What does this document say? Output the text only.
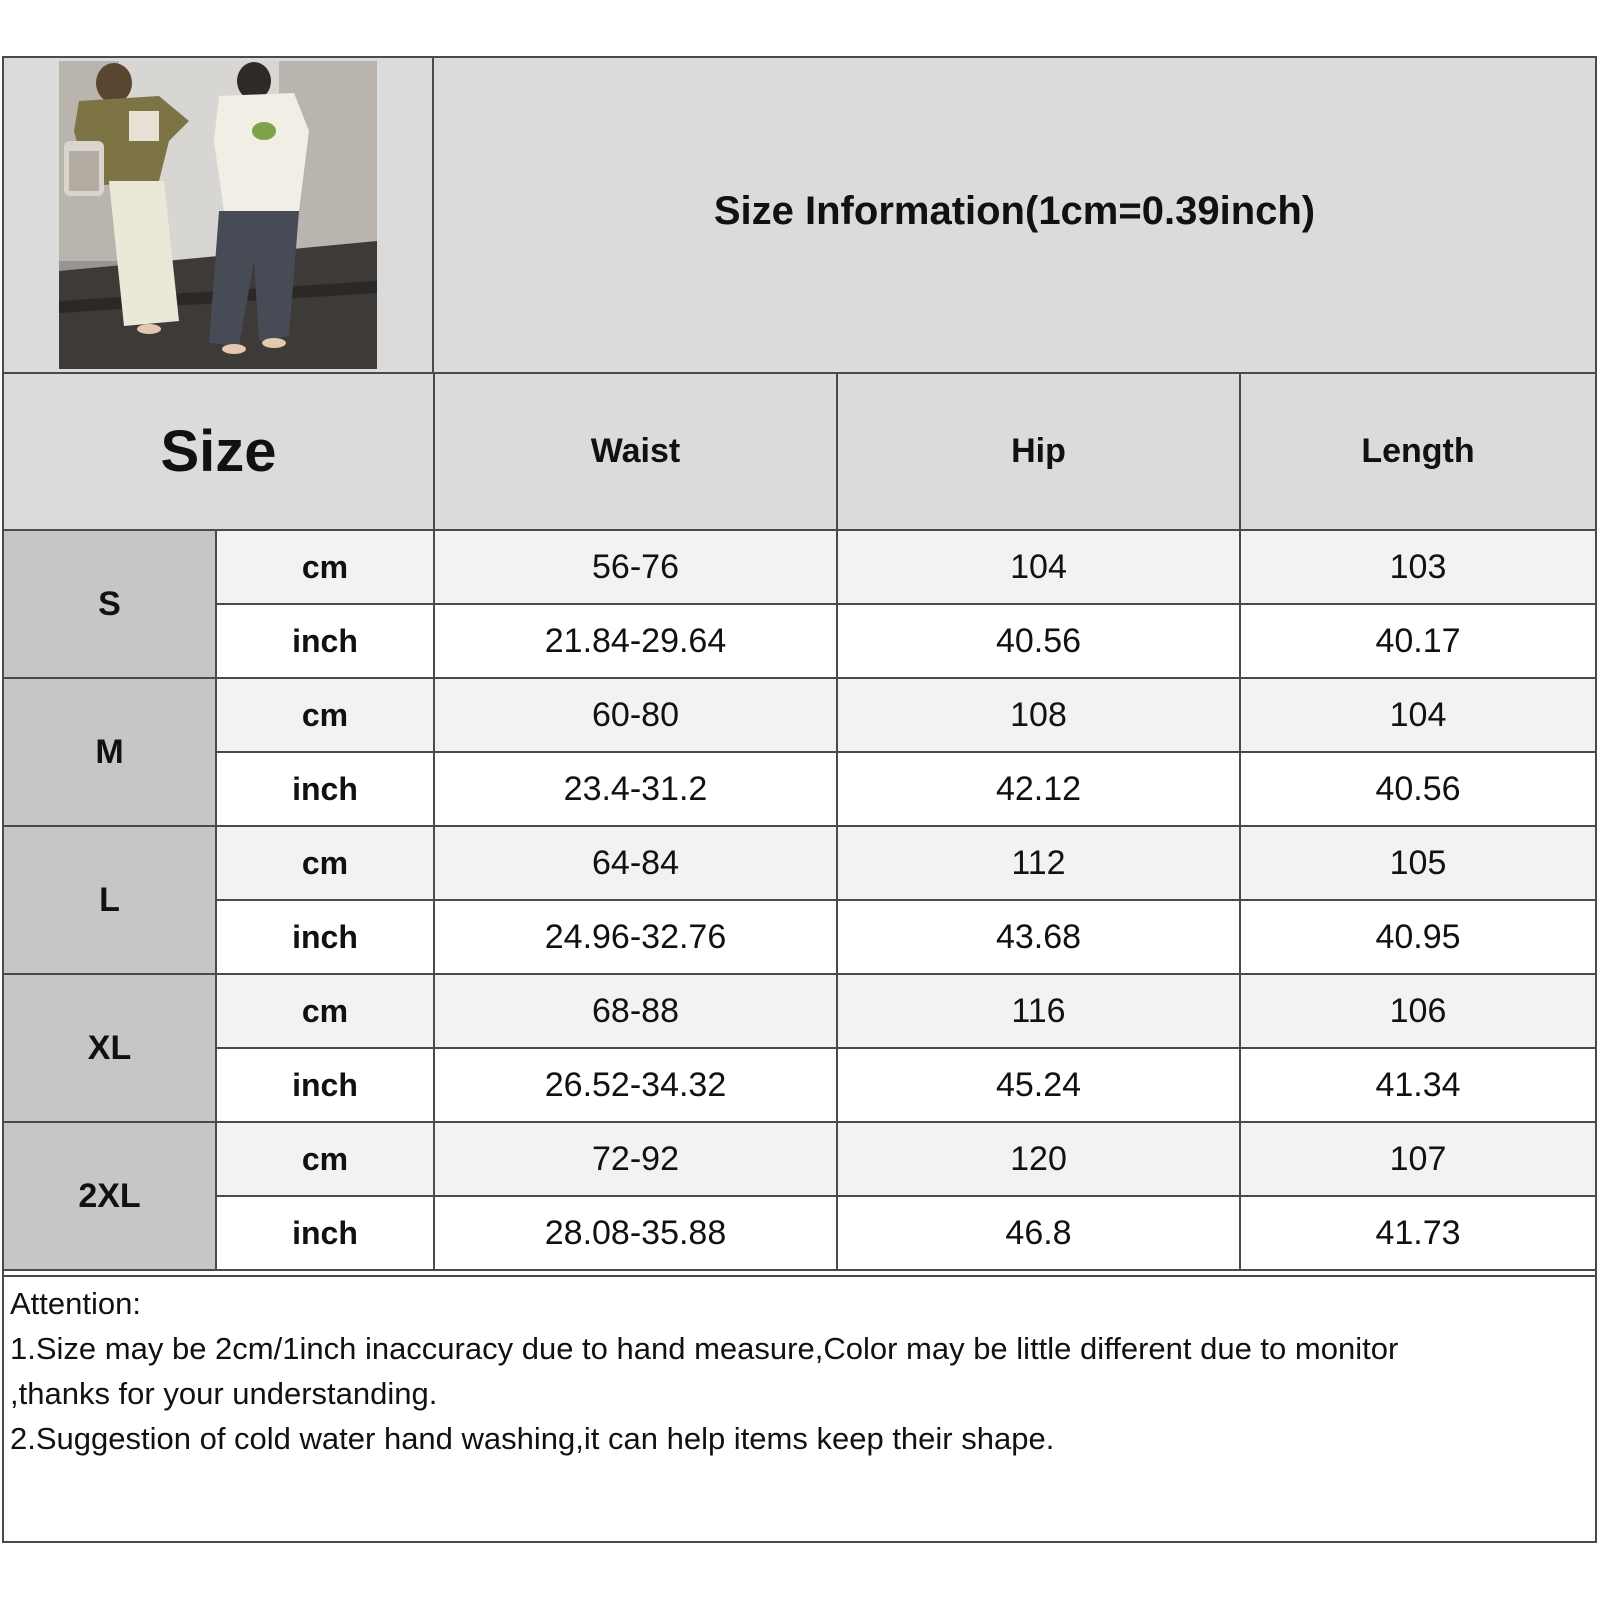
Size Information(1cm=0.39inch)
Size		Waist	Hip	Length
S	cm	56-76	104	103
	inch	21.84-29.64	40.56	40.17
M	cm	60-80	108	104
	inch	23.4-31.2	42.12	40.56
L	cm	64-84	112	105
	inch	24.96-32.76	43.68	40.95
XL	cm	68-88	116	106
	inch	26.52-34.32	45.24	41.34
2XL	cm	72-92	120	107
	inch	28.08-35.88	46.8	41.73
Attention:
1.Size may be 2cm/1inch inaccuracy due to hand measure,Color may be little different due to monitor
,thanks for your understanding.
2.Suggestion of cold water hand washing,it can help items keep their shape.
